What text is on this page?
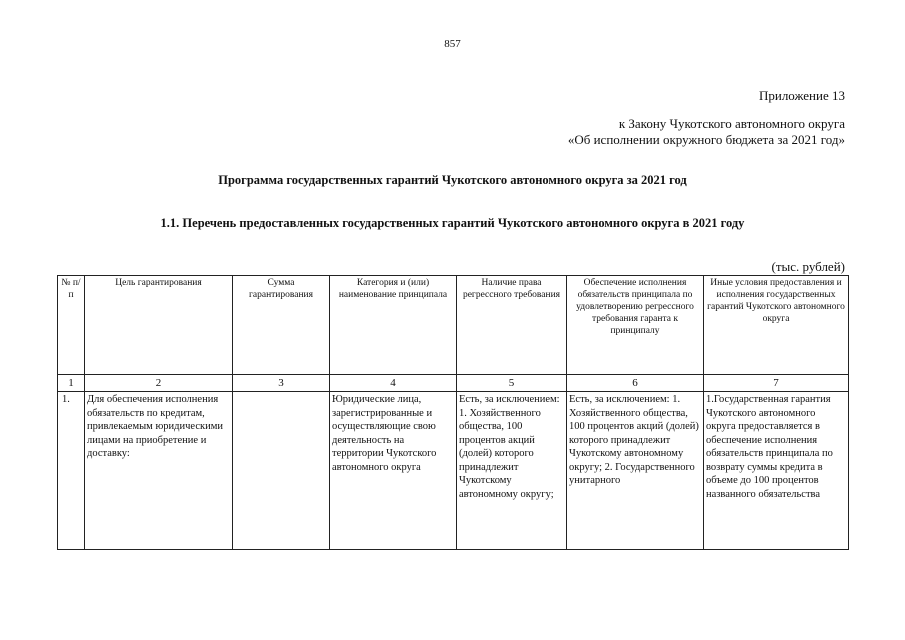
857
Приложение 13
к Закону Чукотского автономного округа
«Об исполнении окружного бюджета за 2021 год»
Программа государственных гарантий Чукотского автономного округа за 2021 год
1.1. Перечень предоставленных государственных гарантий Чукотского автономного округа в 2021 году
(тыс. рублей)
№ п/п	Цель гарантирования	Сумма гарантирования	Категория и (или) наименование принципала	Наличие права регрессного требования	Обеспечение исполнения обязательств принципала по удовлетворению регрессного требования гаранта к принципалу	Иные условия предоставления и исполнения государственных гарантий Чукотского автономного округа
1	2	3	4	5	6	7
1.	Для обеспечения исполнения обязательств по кредитам, привлекаемым юридическими лицами на приобретение и доставку:		Юридические лица, зарегистрированные и осуществляющие свою деятельность на территории Чукотского автономного округа	Есть, за исключением: 1. Хозяйственного общества, 100 процентов акций (долей) которого принадлежит Чукотскому автономному округу;	Есть, за исключением: 1. Хозяйственного общества, 100 процентов акций (долей) которого принадлежит Чукотскому автономному округу; 2. Государственного унитарного	1.Государственная гарантия Чукотского автономного округа предоставляется в обеспечение исполнения обязательств принципала по возврату суммы кредита в объеме до 100 процентов названного обязательства
